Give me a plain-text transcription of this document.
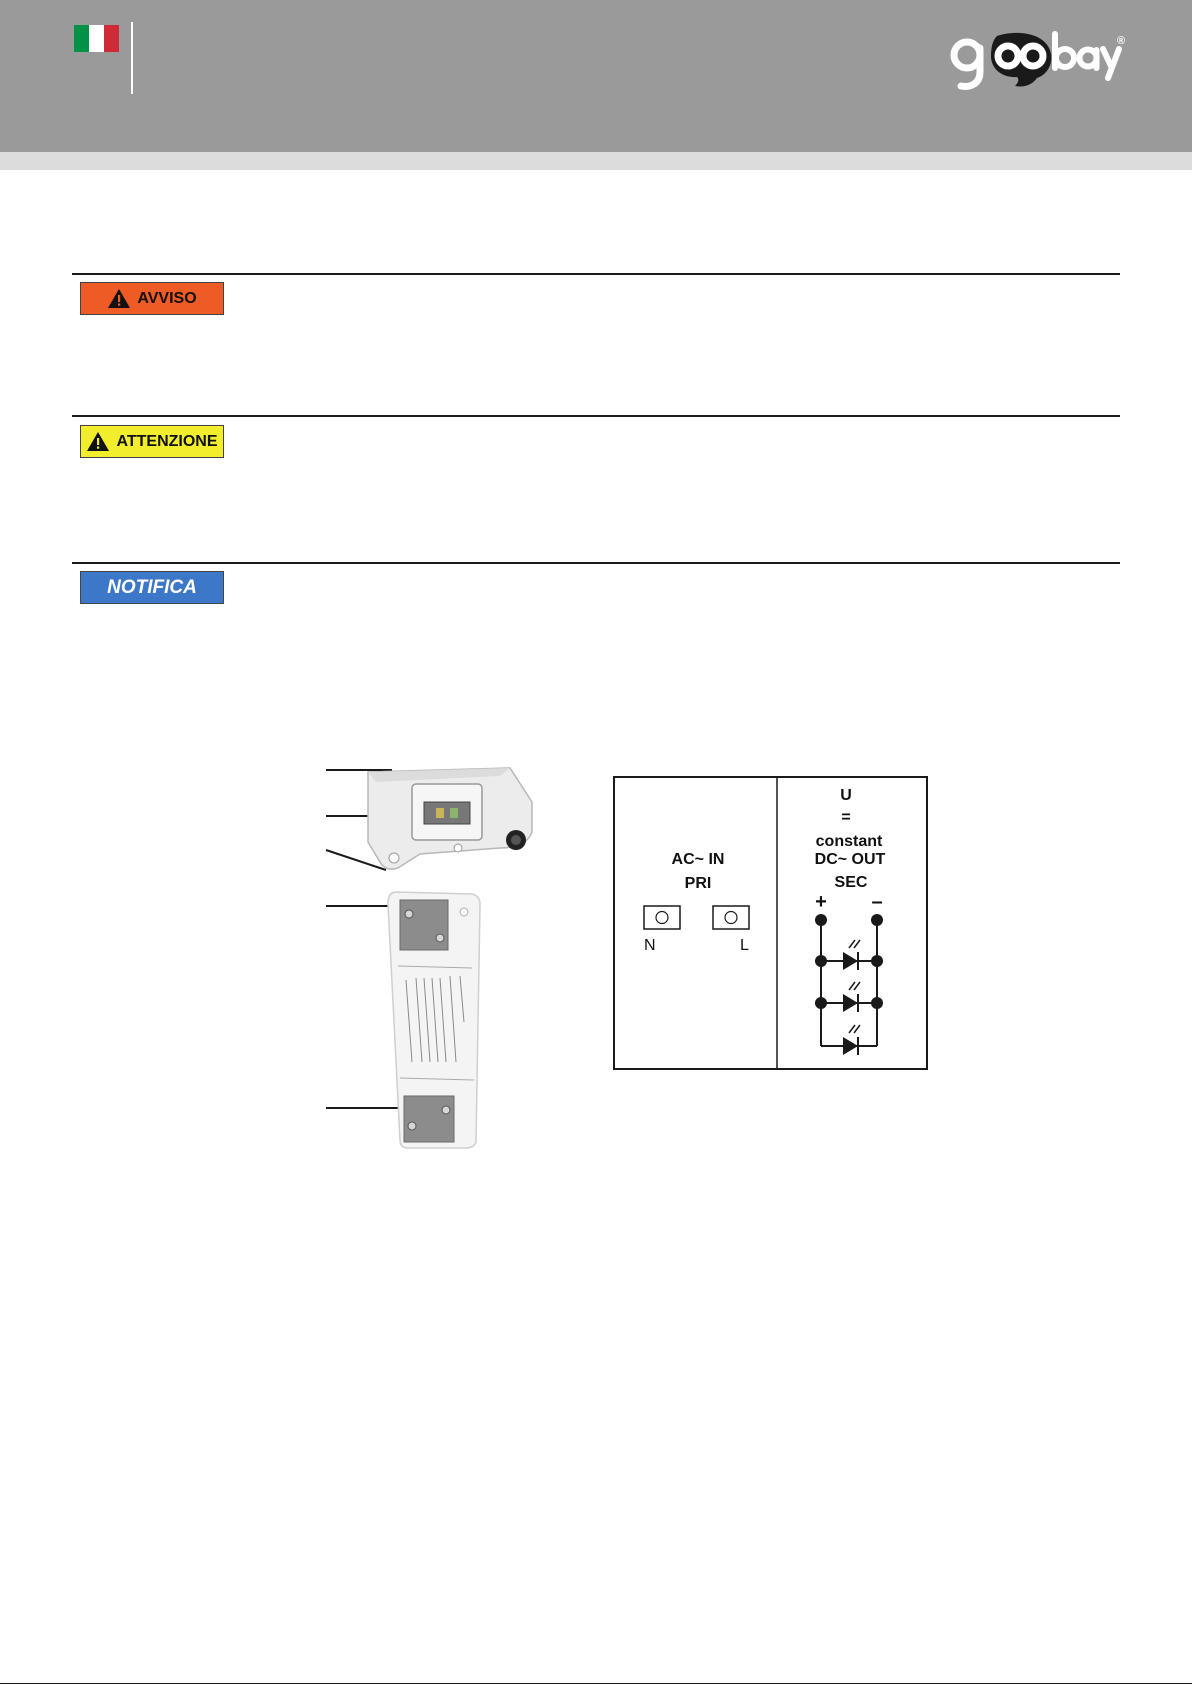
®
AVVISO
ATTENZIONE
NOTIFICA
AC~ IN
PRI
N	L
U
=
constant
DC~ OUT
SEC
+ –
